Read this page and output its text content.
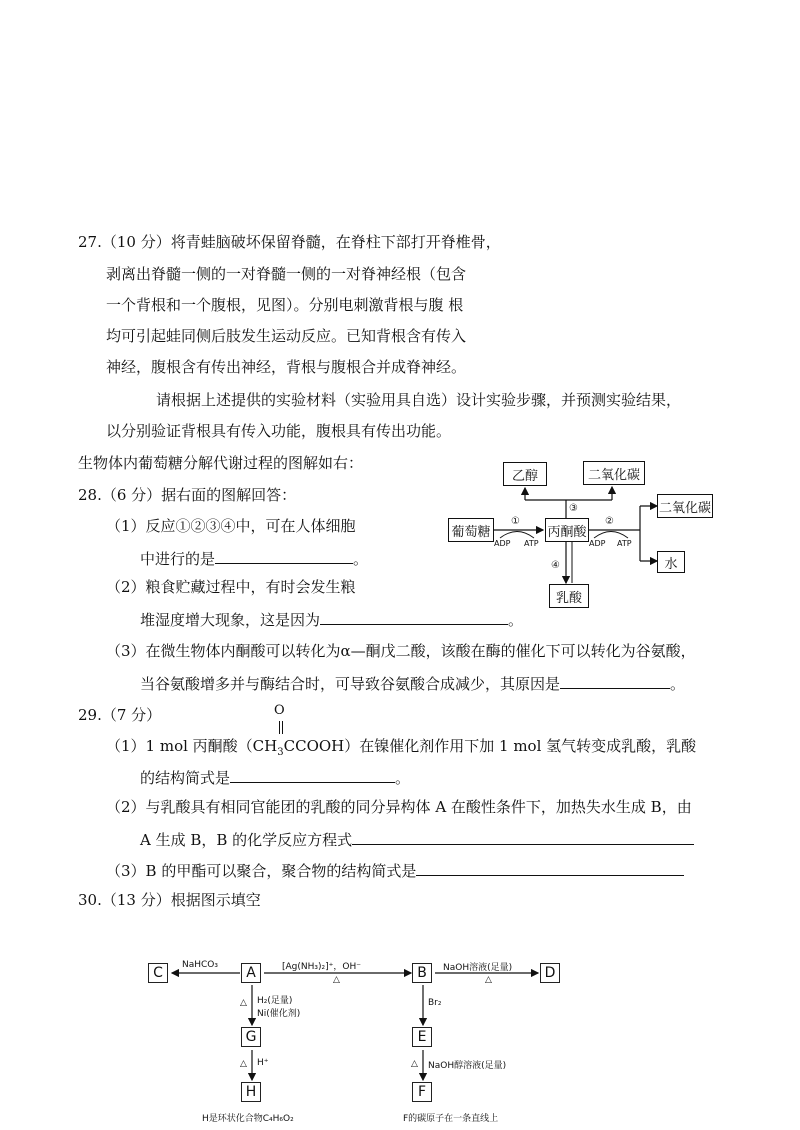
27.（10 分）将青蛙脑破坏保留脊髓，在脊柱下部打开脊椎骨，
剥离出脊髓一侧的一对脊髓一侧的一对脊神经根（包含
一个背根和一个腹根，见图）。分别电刺激背根与腹 根
均可引起蛙同侧后肢发生运动反应。已知背根含有传入
神经，腹根含有传出神经，背根与腹根合并成脊神经。
请根据上述提供的实验材料（实验用具自选）设计实验步骤，并预测实验结果，
以分别验证背根具有传入功能，腹根具有传出功能。
生物体内葡萄糖分解代谢过程的图解如右：
28.（6 分）据右面的图解回答：
（1）反应①②③④中，可在人体细胞
中进行的是	。
（2）粮食贮藏过程中，有时会发生粮
堆湿度增大现象，这是因为	。
（3）在微生物体内酮酸可以转化为α—酮戊二酸，该酸在酶的催化下可以转化为谷氨酸，
当谷氨酸增多并与酶结合时，可导致谷氨酸合成减少，其原因是	。
乙醇	二氧化碳
葡萄糖	丙酮酸
二氧化碳
水
乳酸
①	②
③
④
ADP ATP	ADP ATP
29.（7 分）	O
（1）1 mol 丙酮酸$(CH_3CCOOH)$在镍催化剂作用下加 1 mol 氢气转变成乳酸，乳酸
的结构简式是	。
（2）与乳酸具有相同官能团的乳酸的同分异构体 A 在酸性条件下，加热失水生成 B，由
A 生成 B，B 的化学反应方程式
（3）B 的甲酯可以聚合，聚合物的结构简式是
30.（13 分）根据图示填空
C	A	B	D
G	E
H	F
NaHCO₃	[Ag(NH₃)₂]⁺，OH⁻
△
NaOH溶液(足量)
△
H₂(足量)
Ni(催化剂)
△	Br₂
△ H⁺	NaOH醇溶液(足量)
△
H是环状化合物C₄H₆O₂	F的碳原子在一条直线上
